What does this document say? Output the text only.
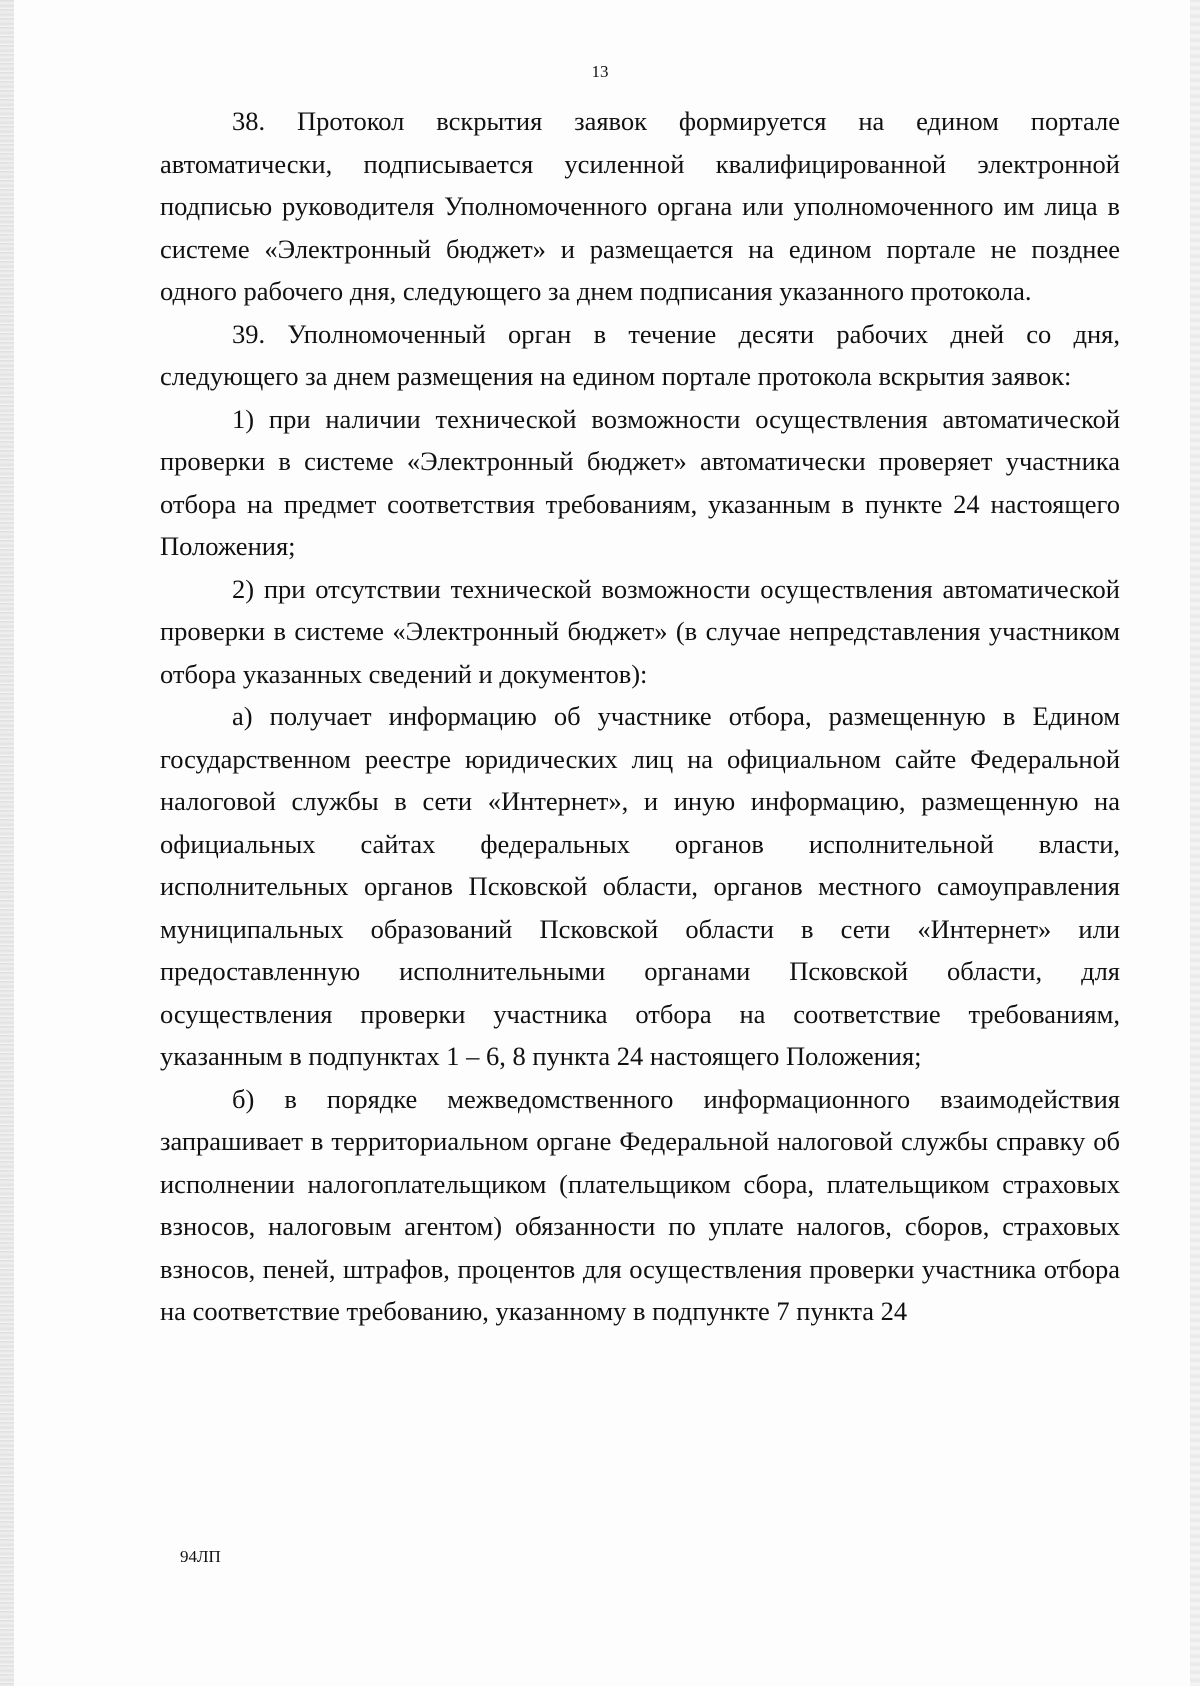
13

38. Протокол вскрытия заявок формируется на едином портале автоматически, подписывается усиленной квалифицированной электронной подписью руководителя Уполномоченного органа или уполномоченного им лица в системе «Электронный бюджет» и размещается на едином портале не позднее одного рабочего дня, следующего за днем подписания указанного протокола.

39. Уполномоченный орган в течение десяти рабочих дней со дня, следующего за днем размещения на едином портале протокола вскрытия заявок:

1) при наличии технической возможности осуществления автоматической проверки в системе «Электронный бюджет» автоматически проверяет участника отбора на предмет соответствия требованиям, указанным в пункте 24 настоящего Положения;

2) при отсутствии технической возможности осуществления автоматической проверки в системе «Электронный бюджет» (в случае непредставления участником отбора указанных сведений и документов):

а) получает информацию об участнике отбора, размещенную в Едином государственном реестре юридических лиц на официальном сайте Федеральной налоговой службы в сети «Интернет», и иную информацию, размещенную на официальных сайтах федеральных органов исполнительной власти, исполнительных органов Псковской области, органов местного самоуправления муниципальных образований Псковской области в сети «Интернет» или предоставленную исполнительными органами Псковской области, для осуществления проверки участника отбора на соответствие требованиям, указанным в подпунктах 1 – 6, 8 пункта 24 настоящего Положения;

б) в порядке межведомственного информационного взаимодействия запрашивает в территориальном органе Федеральной налоговой службы справку об исполнении налогоплательщиком (плательщиком сбора, плательщиком страховых взносов, налоговым агентом) обязанности по уплате налогов, сборов, страховых взносов, пеней, штрафов, процентов для осуществления проверки участника отбора на соответствие требованию, указанному в подпункте 7 пункта 24

94ЛП
